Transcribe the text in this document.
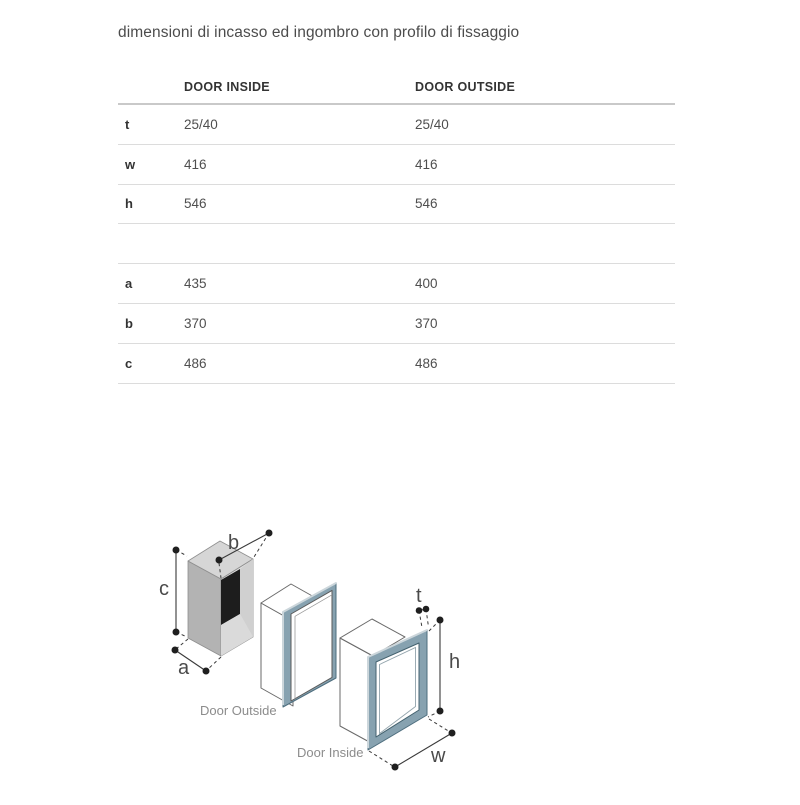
dimensioni di incasso ed ingombro con profilo di fissaggio
DOOR INSIDE	DOOR OUTSIDE
t	25/40	25/40
w	416	416
h	546	546
a	435	400
b	370	370
c	486	486
c
b
a
Door Outside
Door Inside
t
h
w
